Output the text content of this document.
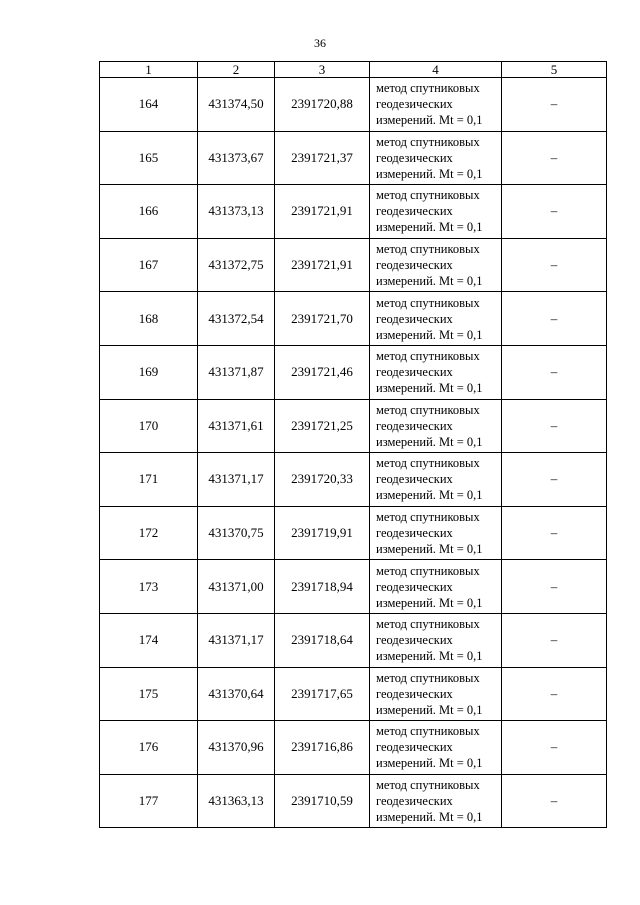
36
1	2	3	4	5
164	431374,50	2391720,88	метод спутниковых
геодезических
измерений. Mt = 0,1	–
165	431373,67	2391721,37	метод спутниковых
геодезических
измерений. Mt = 0,1	–
166	431373,13	2391721,91	метод спутниковых
геодезических
измерений. Mt = 0,1	–
167	431372,75	2391721,91	метод спутниковых
геодезических
измерений. Mt = 0,1	–
168	431372,54	2391721,70	метод спутниковых
геодезических
измерений. Mt = 0,1	–
169	431371,87	2391721,46	метод спутниковых
геодезических
измерений. Mt = 0,1	–
170	431371,61	2391721,25	метод спутниковых
геодезических
измерений. Mt = 0,1	–
171	431371,17	2391720,33	метод спутниковых
геодезических
измерений. Mt = 0,1	–
172	431370,75	2391719,91	метод спутниковых
геодезических
измерений. Mt = 0,1	–
173	431371,00	2391718,94	метод спутниковых
геодезических
измерений. Mt = 0,1	–
174	431371,17	2391718,64	метод спутниковых
геодезических
измерений. Mt = 0,1	–
175	431370,64	2391717,65	метод спутниковых
геодезических
измерений. Mt = 0,1	–
176	431370,96	2391716,86	метод спутниковых
геодезических
измерений. Mt = 0,1	–
177	431363,13	2391710,59	метод спутниковых
геодезических
измерений. Mt = 0,1	–
